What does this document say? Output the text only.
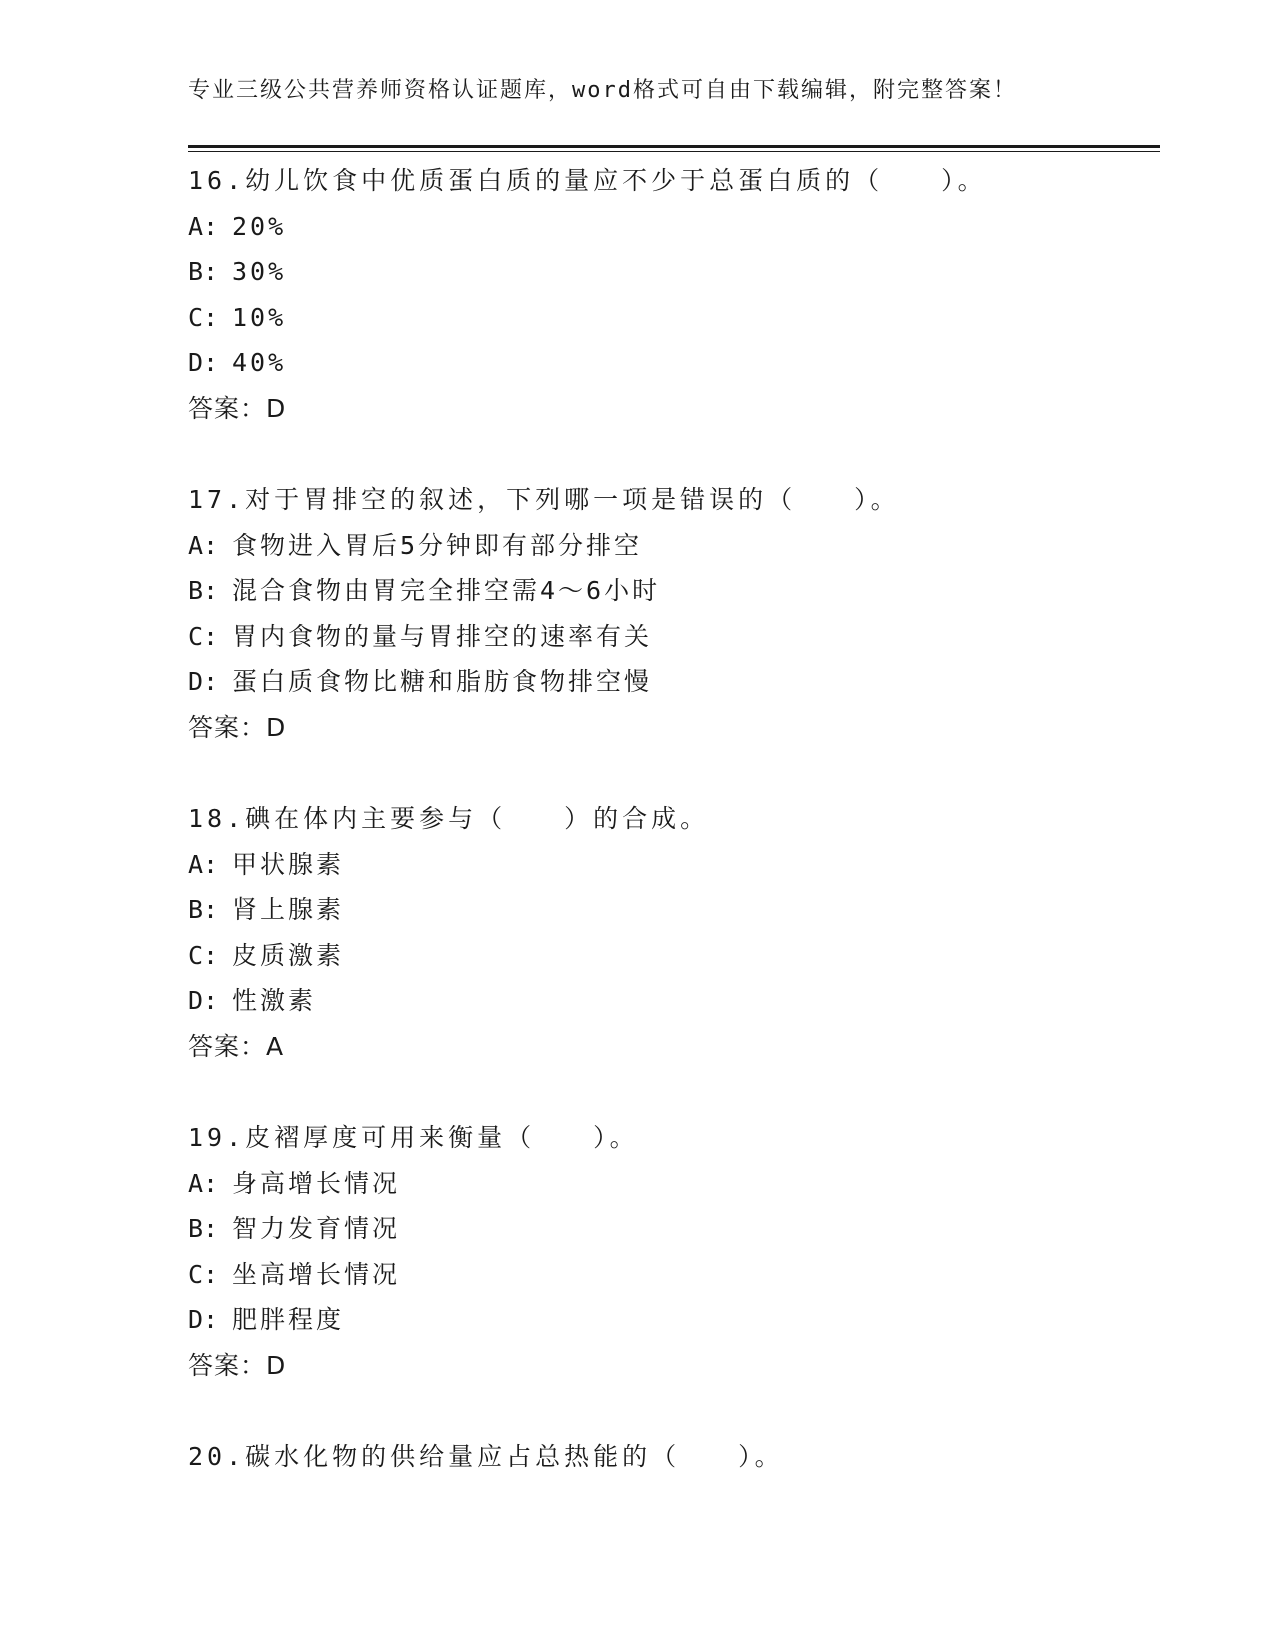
专业三级公共营养师资格认证题库，word格式可自由下载编辑，附完整答案！
16.幼儿饮食中优质蛋白质的量应不少于总蛋白质的（　　）。
A: 20%
B: 30%
C: 10%
D: 40%
答案：D
17.对于胃排空的叙述，下列哪一项是错误的（　　）。
A: 食物进入胃后5分钟即有部分排空
B: 混合食物由胃完全排空需4～6小时
C: 胃内食物的量与胃排空的速率有关
D: 蛋白质食物比糖和脂肪食物排空慢
答案：D
18.碘在体内主要参与（　　）的合成。
A: 甲状腺素
B: 肾上腺素
C: 皮质激素
D: 性激素
答案：A
19.皮褶厚度可用来衡量（　　）。
A: 身高增长情况
B: 智力发育情况
C: 坐高增长情况
D: 肥胖程度
答案：D
20.碳水化物的供给量应占总热能的（　　）。
